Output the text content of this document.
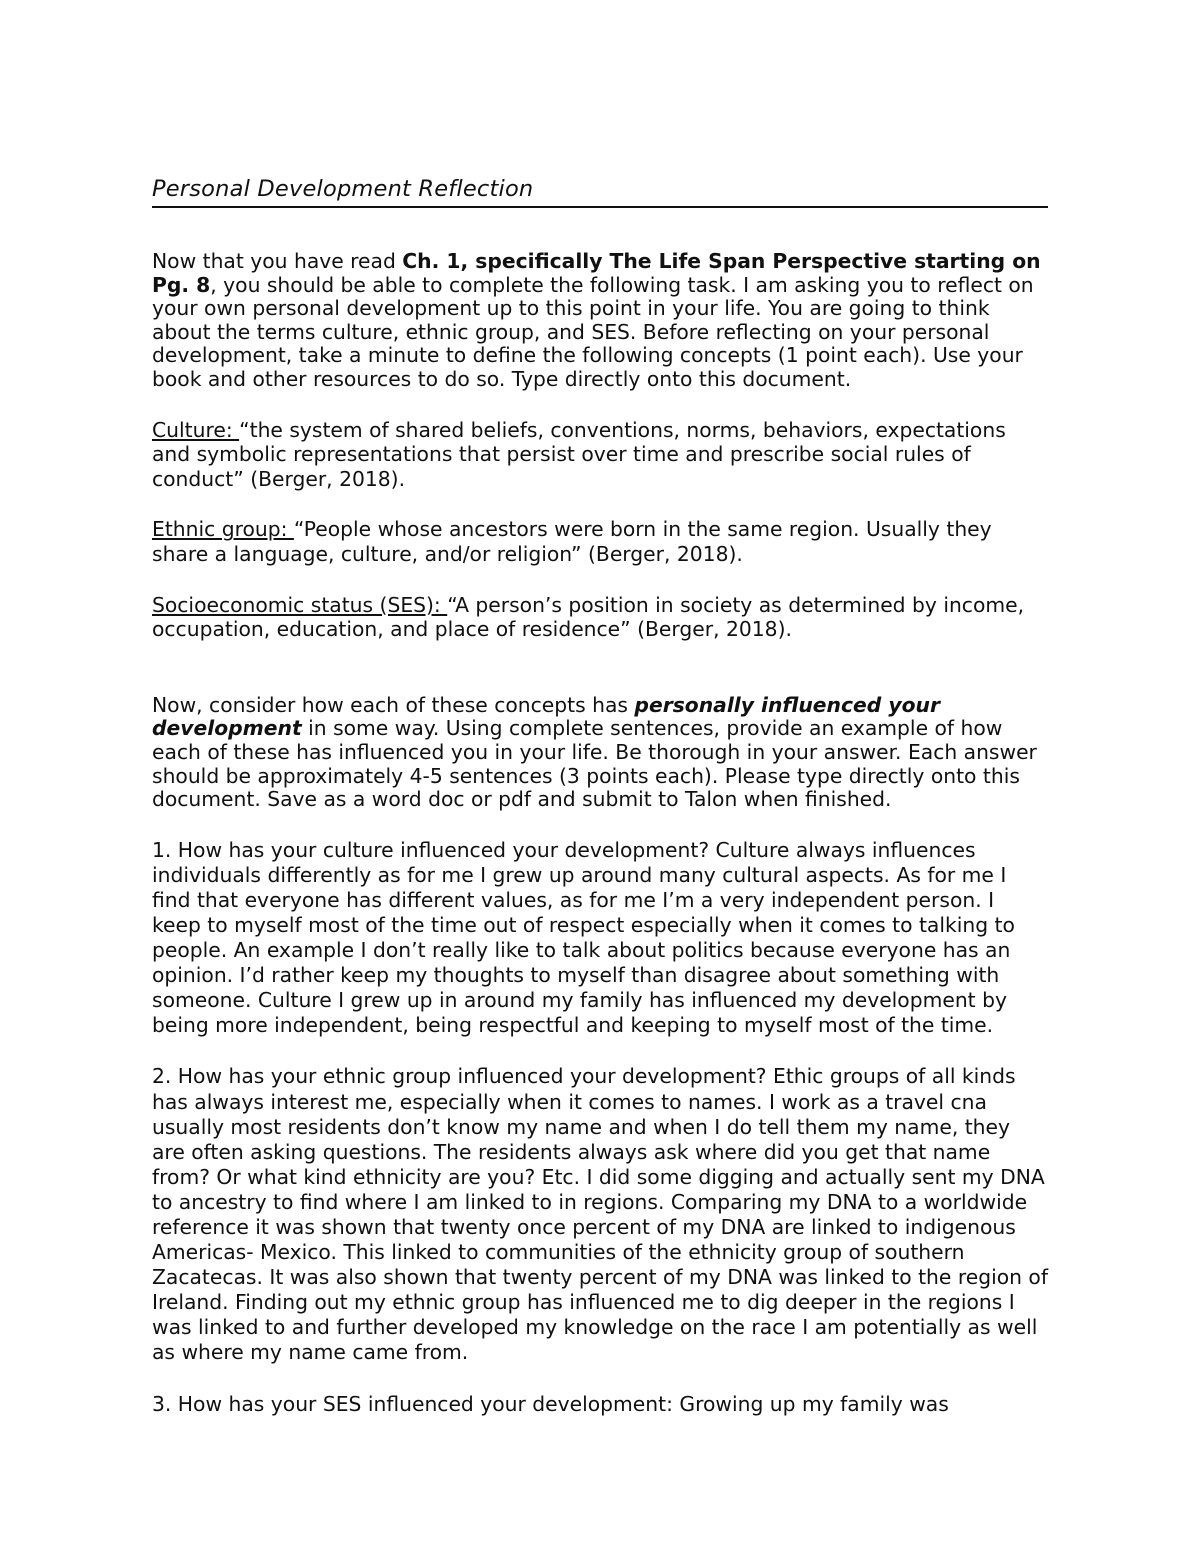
Personal Development Reflection

Now that you have read Ch. 1, specifically The Life Span Perspective starting on Pg. 8, you should be able to complete the following task. I am asking you to reflect on your own personal development up to this point in your life. You are going to think about the terms culture, ethnic group, and SES. Before reflecting on your personal development, take a minute to define the following concepts (1 point each). Use your book and other resources to do so. Type directly onto this document.

Culture: “the system of shared beliefs, conventions, norms, behaviors, expectations and symbolic representations that persist over time and prescribe social rules of conduct” (Berger, 2018).

Ethnic group: “People whose ancestors were born in the same region. Usually they share a language, culture, and/or religion” (Berger, 2018).

Socioeconomic status (SES): “A person’s position in society as determined by income, occupation, education, and place of residence” (Berger, 2018).

Now, consider how each of these concepts has personally influenced your development in some way. Using complete sentences, provide an example of how each of these has influenced you in your life. Be thorough in your answer. Each answer should be approximately 4-5 sentences (3 points each). Please type directly onto this document. Save as a word doc or pdf and submit to Talon when finished.

1. How has your culture influenced your development? Culture always influences individuals differently as for me I grew up around many cultural aspects. As for me I find that everyone has different values, as for me I’m a very independent person. I keep to myself most of the time out of respect especially when it comes to talking to people. An example I don’t really like to talk about politics because everyone has an opinion. I’d rather keep my thoughts to myself than disagree about something with someone. Culture I grew up in around my family has influenced my development by being more independent, being respectful and keeping to myself most of the time.

2. How has your ethnic group influenced your development? Ethic groups of all kinds has always interest me, especially when it comes to names. I work as a travel cna usually most residents don’t know my name and when I do tell them my name, they are often asking questions. The residents always ask where did you get that name from? Or what kind ethnicity are you? Etc. I did some digging and actually sent my DNA to ancestry to find where I am linked to in regions. Comparing my DNA to a worldwide reference it was shown that twenty once percent of my DNA are linked to indigenous Americas- Mexico. This linked to communities of the ethnicity group of southern Zacatecas. It was also shown that twenty percent of my DNA was linked to the region of Ireland. Finding out my ethnic group has influenced me to dig deeper in the regions I was linked to and further developed my knowledge on the race I am potentially as well as where my name came from.

3. How has your SES influenced your development: Growing up my family was
